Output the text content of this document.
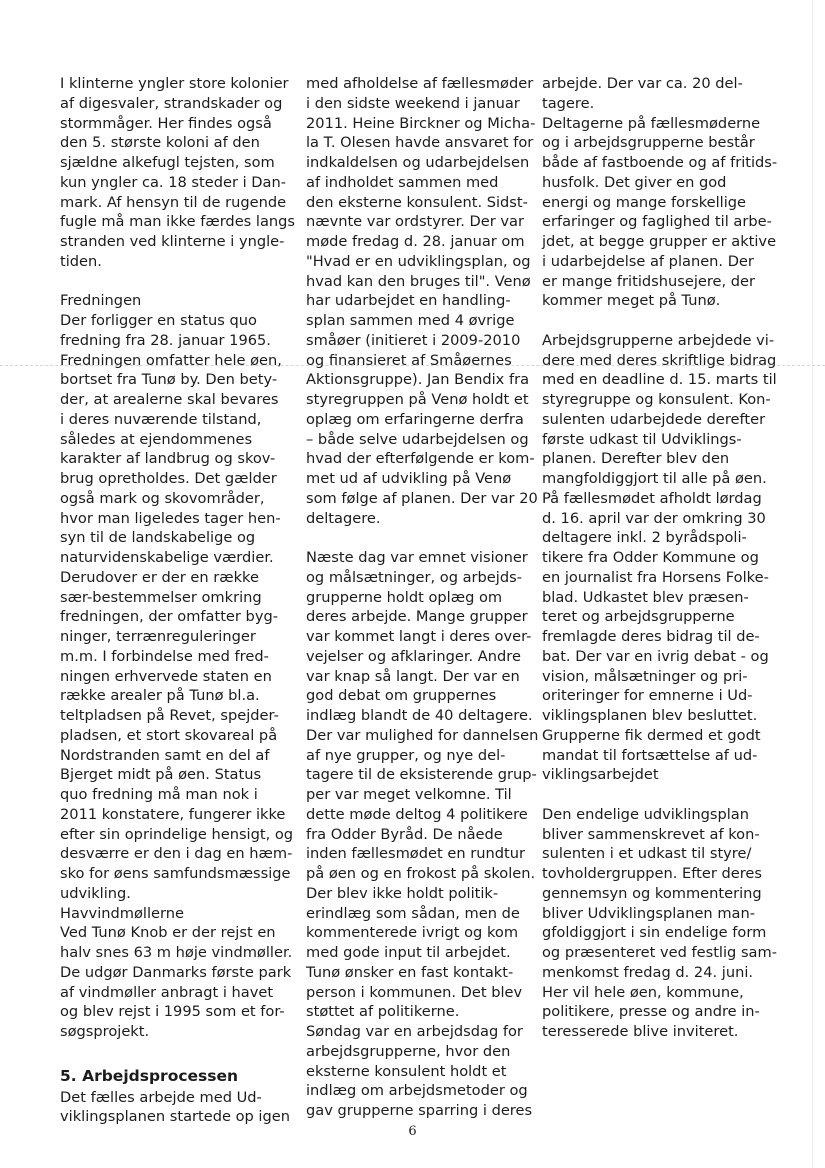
I klinterne yngler store kolonier
af digesvaler, strandskader og
stormmåger. Her findes også
den 5. største koloni af den
sjældne alkefugl tejsten, som
kun yngler ca. 18 steder i Dan-
mark. Af hensyn til de rugende
fugle må man ikke færdes langs
stranden ved klinterne i yngle-
tiden.
Fredningen
Der forligger en status quo
fredning fra 28. januar 1965.
Fredningen omfatter hele øen,
bortset fra Tunø by. Den bety-
der, at arealerne skal bevares
i deres nuværende tilstand,
således at ejendommenes
karakter af landbrug og skov-
brug opretholdes. Det gælder
også mark og skovområder,
hvor man ligeledes tager hen-
syn til de landskabelige og
naturvidenskabelige værdier.
Derudover er der en række
sær-bestemmelser omkring
fredningen, der omfatter byg-
ninger, terrænreguleringer
m.m. I forbindelse med fred-
ningen erhvervede staten en
række arealer på Tunø bl.a.
teltpladsen på Revet, spejder-
pladsen, et stort skovareal på
Nordstranden samt en del af
Bjerget midt på øen. Status
quo fredning må man nok i
2011 konstatere, fungerer ikke
efter sin oprindelige hensigt, og
desværre er den i dag en hæm-
sko for øens samfundsmæssige
udvikling.
Havvindmøllerne
Ved Tunø Knob er der rejst en
halv snes 63 m høje vindmøller.
De udgør Danmarks første park
af vindmøller anbragt i havet
og blev rejst i 1995 som et for-
søgsprojekt.
5. Arbejdsprocessen
Det fælles arbejde med Ud-
viklingsplanen startede op igen
med afholdelse af fællesmøder
i den sidste weekend i januar
2011. Heine Birckner og Micha-
la T. Olesen havde ansvaret for
indkaldelsen og udarbejdelsen
af indholdet sammen med
den eksterne konsulent. Sidst-
nævnte var ordstyrer. Der var
møde fredag d. 28. januar om
"Hvad er en udviklingsplan, og
hvad kan den bruges til". Venø
har udarbejdet en handling-
splan sammen med 4 øvrige
småøer (initieret i 2009-2010
og finansieret af Småøernes
Aktionsgruppe). Jan Bendix fra
styregruppen på Venø holdt et
oplæg om erfaringerne derfra
– både selve udarbejdelsen og
hvad der efterfølgende er kom-
met ud af udvikling på Venø
som følge af planen. Der var 20
deltagere.
Næste dag var emnet visioner
og målsætninger, og arbejds-
grupperne holdt oplæg om
deres arbejde. Mange grupper
var kommet langt i deres over-
vejelser og afklaringer. Andre
var knap så langt. Der var en
god debat om gruppernes
indlæg blandt de 40 deltagere.
Der var mulighed for dannelsen
af nye grupper, og nye del-
tagere til de eksisterende grup-
per var meget velkomne. Til
dette møde deltog 4 politikere
fra Odder Byråd. De nåede
inden fællesmødet en rundtur
på øen og en frokost på skolen.
Der blev ikke holdt politik-
erindlæg som sådan, men de
kommenterede ivrigt og kom
med gode input til arbejdet.
Tunø ønsker en fast kontakt-
person i kommunen. Det blev
støttet af politikerne.
Søndag var en arbejdsdag for
arbejdsgrupperne, hvor den
eksterne konsulent holdt et
indlæg om arbejdsmetoder og
gav grupperne sparring i deres
arbejde. Der var ca. 20 del-
tagere.
Deltagerne på fællesmøderne
og i arbejdsgrupperne består
både af fastboende og af fritids-
husfolk. Det giver en god
energi og mange forskellige
erfaringer og faglighed til arbe-
jdet, at begge grupper er aktive
i udarbejdelse af planen. Der
er mange fritidshusejere, der
kommer meget på Tunø.
Arbejdsgrupperne arbejdede vi-
dere med deres skriftlige bidrag
med en deadline d. 15. marts til
styregruppe og konsulent. Kon-
sulenten udarbejdede derefter
første udkast til Udviklings-
planen. Derefter blev den
mangfoldiggjort til alle på øen.
På fællesmødet afholdt lørdag
d. 16. april var der omkring 30
deltagere inkl. 2 byrådspoli-
tikere fra Odder Kommune og
en journalist fra Horsens Folke-
blad. Udkastet blev præsen-
teret og arbejdsgrupperne
fremlagde deres bidrag til de-
bat. Der var en ivrig debat - og
vision, målsætninger og pri-
oriteringer for emnerne i Ud-
viklingsplanen blev besluttet.
Grupperne fik dermed et godt
mandat til fortsættelse af ud-
viklingsarbejdet
Den endelige udviklingsplan
bliver sammenskrevet af kon-
sulenten i et udkast til styre/
tovholdergruppen. Efter deres
gennemsyn og kommentering
bliver Udviklingsplanen man-
gfoldiggjort i sin endelige form
og præsenteret ved festlig sam-
menkomst fredag d. 24. juni.
Her vil hele øen, kommune,
politikere, presse og andre in-
teresserede blive inviteret.
6
